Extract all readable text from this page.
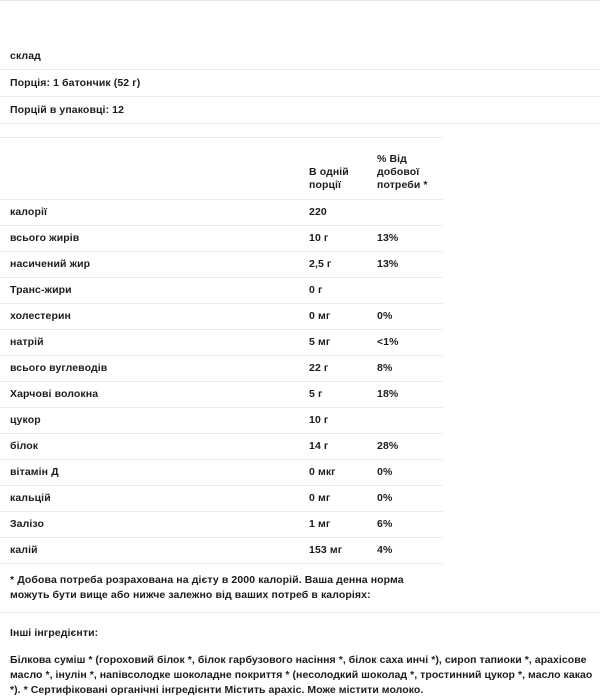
склад
Порція: 1 батончик (52 г)
Порцій в упаковці: 12
	В одній порції	% Від добової потреби *
калорії	220	
всього жирів	10 г	13%
насичений жир	2,5 г	13%
Транс-жири	0 г	
холестерин	0 мг	0%
натрій	5 мг	<1%
всього вуглеводів	22 г	8%
Харчові волокна	5 г	18%
цукор	10 г	
білок	14 г	28%
вітамін Д	0 мкг	0%
кальцій	0 мг	0%
Залізо	1 мг	6%
калій	153 мг	4%
* Добова потреба розрахована на дієту в 2000 калорій. Ваша денна норма можуть бути вище або нижче залежно від ваших потреб в калоріях:
Інші інгредієнти:
Білкова суміш * (гороховий білок *, білок гарбузового насіння *, білок саха инчі *), сироп тапиоки *, арахісове масло *, інулін *, напівсолодке шоколадне покриття * (несолодкий шоколад *, тростинний цукор *, масло какао *). * Сертифіковані органічні інгредієнти Містить арахіс. Може містити молоко.
